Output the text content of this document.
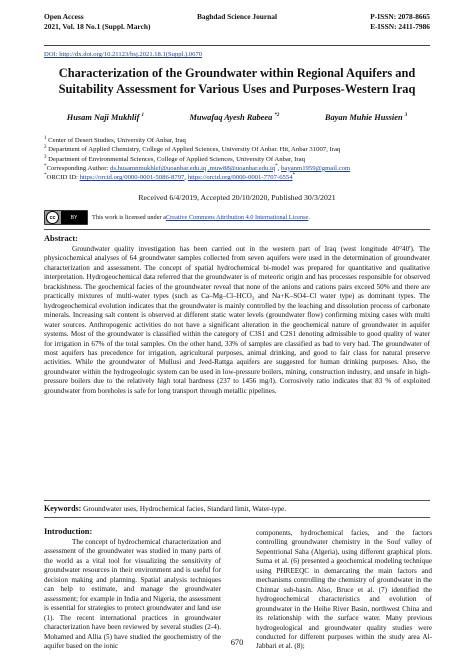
Baghdad Science Journal
Open Access	P-ISSN: 2078-8665
2021, Vol. 18 No.1 (Suppl. March)	E-ISSN: 2411-7986
DOI: http://dx.doi.org/10.21123/bsj.2021.18.1(Suppl.).0670
Characterization of the Groundwater within Regional Aquifers and Suitability Assessment for Various Uses and Purposes-Western Iraq
Husam Naji Mukhlif $^1$	Muwafaq Ayesh Rabeea $^{*2}$	Bayan Muhie Hussien $^3$
$^1$ Center of Desert Studies, University Of Anbar, Iraq
$^2$ Department of Applied Chemistry, College of Applied Sciences, University Of Anbar. Hit, Anbar 31007, Iraq
$^3$ Department of Environmental Sciences, College of Applied Sciences, University Of Anbar, Iraq
*Corresponding Author: ds.husamnmukhlef@uoanbar.edu.iq ,muw88@uoanbar.edu.iq*, bayanm1959@gmail.com
*ORCID ID: https://orcid.org/0000-0001-5086-8797, https://orcid.org/0000-0001-7707-6554*
Received 6/4/2019, Accepted 20/10/2020, Published 30/3/2021
cc	BY	This work is licensed under a Creative Commons Attribution 4.0 International License .
Abstract:
Groundwater quality investigation has been carried out in the western part of Iraq (west longitude 40°40'). The physicochemical analyses of 64 groundwater samples collected from seven aquifers were used in the determination of groundwater characterization and assessment. The concept of spatial hydrochemical bi-model was prepared for quantitative and qualitative interpretation. Hydrogeochemical data referred that the groundwater is of meteoric origin and has processes responsible for observed brackishness. The geochemical facies of the groundwater reveal that none of the anions and cations pairs exceed 50% and there are practically mixtures of multi-water types (such as Ca–Mg–Cl–HCO₃ and Na+K–SO4–Cl water type) as dominant types. The hydrogeochemical evolution indicates that the groundwater is mainly controlled by the leaching and dissolution process of carbonate minerals. Increasing salt content is observed at different static water levels (groundwater flow) confirming mixing cases with multi water sources. Anthropogenic activities do not have a significant alteration in the geochemical nature of groundwater in aquifer systems. Most of the groundwater is classified within the category of C3S1 and C2S1 denoting admissible to good quality of water for irrigation in 67% of the total samples. On the other hand, 33% of samples are classified as bad to very bad. The groundwater of most aquifers has precedence for irrigation, agricultural purposes, animal drinking, and good to fair class for natural preserve activities. While the groundwater of Mullusi and Jeed-Rattga aquifers are suggested for human drinking purposes. Also, the groundwater within the hydrogeologic system can be used in low-pressure boilers, mining, construction industry, and unsafe in high-pressure boilers due to the relatively high total hardness (237 to 1456 mg/l). Corrosively ratio indicates that 83 % of exploited groundwater from boreholes is safe for long transport through metallic pipelines.
Keywords: Groundwater uses, Hydrochemical facies, Standard limit, Water-type.
Introduction:
The concept of hydrochemical characterization and assessment of the groundwater was studied in many parts of the world as a vital tool for visualizing the sensitivity of groundwater resources in their environment and is useful for decision making and planning. Spatial analysis techniques can help to estimate, and manage the groundwater assessment; for example in India and Nigeria, the assessment is essential for strategies to protect groundwater and land use (1). The recent international practices in groundwater characterization have been reviewed by several studies (2-4). Mohamed and Allia (5) have studied the geochemistry of the aquifer based on the ionic
components, hydrochemical facies, and the factors controlling groundwater chemistry in the Souf valley of Sepentrional Saha (Algeria), using different graphical plots. Suma et al. (6) presented a geochemical modeling technique using PHREEQC in demarcating the main factors and mechanisms controlling the chemistry of groundwater in the Chinnar sub-basin. Also, Bruce et al. (7) identified the hydrogeochemical characteristics and evolution of groundwater in the Heihe River Basin, northwest China and its relationship with the surface water. Many previous hydrogeological and groundwater quality studies were conducted for different purposes within the study area Al-Jabbari et al. (8);
670
